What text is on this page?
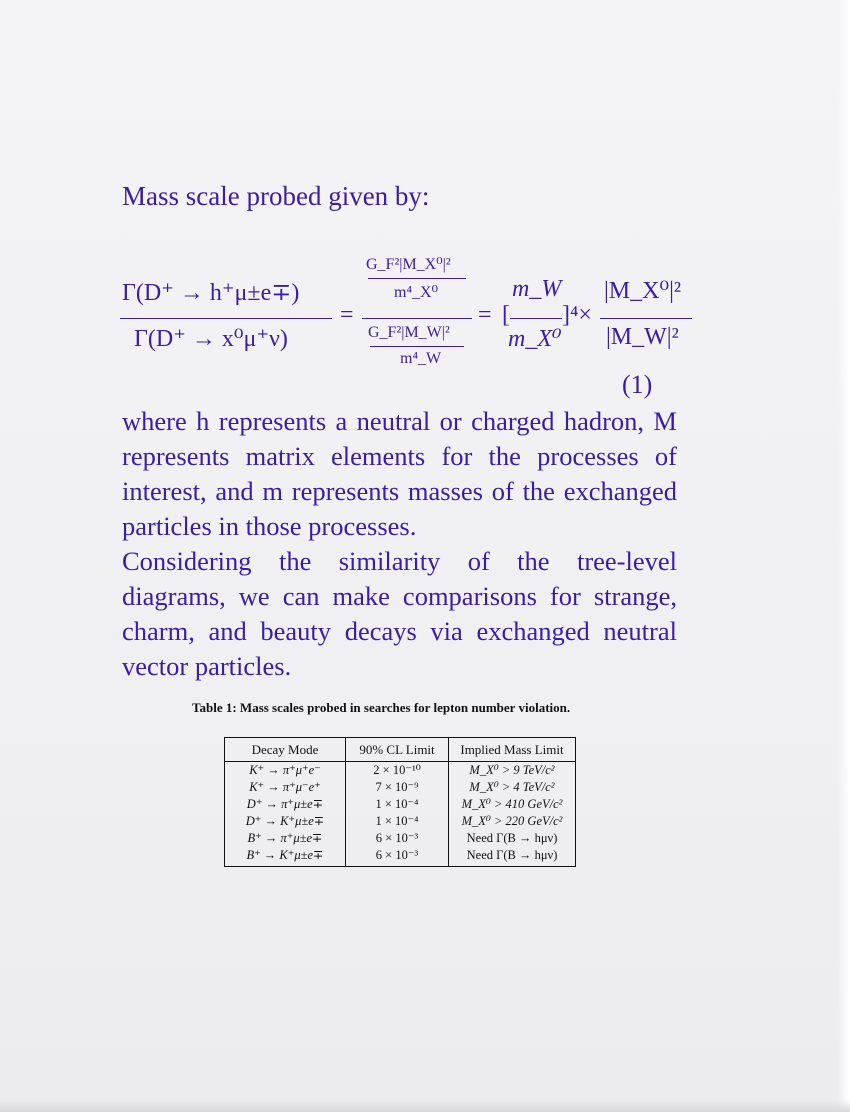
Mass scale probed given by:
Γ(D⁺ → h⁺μ±e∓)
Γ(D⁺ → x⁰μ⁺ν)
=
G_F²|M_X⁰|²
m⁴_X⁰
G_F²|M_W|²
m⁴_W
= [
m_W
m_X⁰
]⁴×
|M_X⁰|²
|M_W|²
(1)

where h represents a neutral or charged hadron, M represents matrix elements for the processes of interest, and m represents masses of the exchanged particles in those processes.

Considering the similarity of the tree-level diagrams, we can make comparisons for strange, charm, and beauty decays via exchanged neutral vector particles.

Table 1: Mass scales probed in searches for lepton number violation.
Decay Mode	90% CL Limit	Implied Mass Limit
K⁺ → π⁺μ⁺e⁻	2 × 10⁻¹⁰	M_X⁰ > 9 TeV/c²
K⁺ → π⁺μ⁻e⁺	7 × 10⁻⁹	M_X⁰ > 4 TeV/c²
D⁺ → π⁺μ±e∓	1 × 10⁻⁴	M_X⁰ > 410 GeV/c²
D⁺ → K⁺μ±e∓	1 × 10⁻⁴	M_X⁰ > 220 GeV/c²
B⁺ → π⁺μ±e∓	6 × 10⁻³	Need Γ(B → hμν)
B⁺ → K⁺μ±e∓	6 × 10⁻³	Need Γ(B → hμν)
